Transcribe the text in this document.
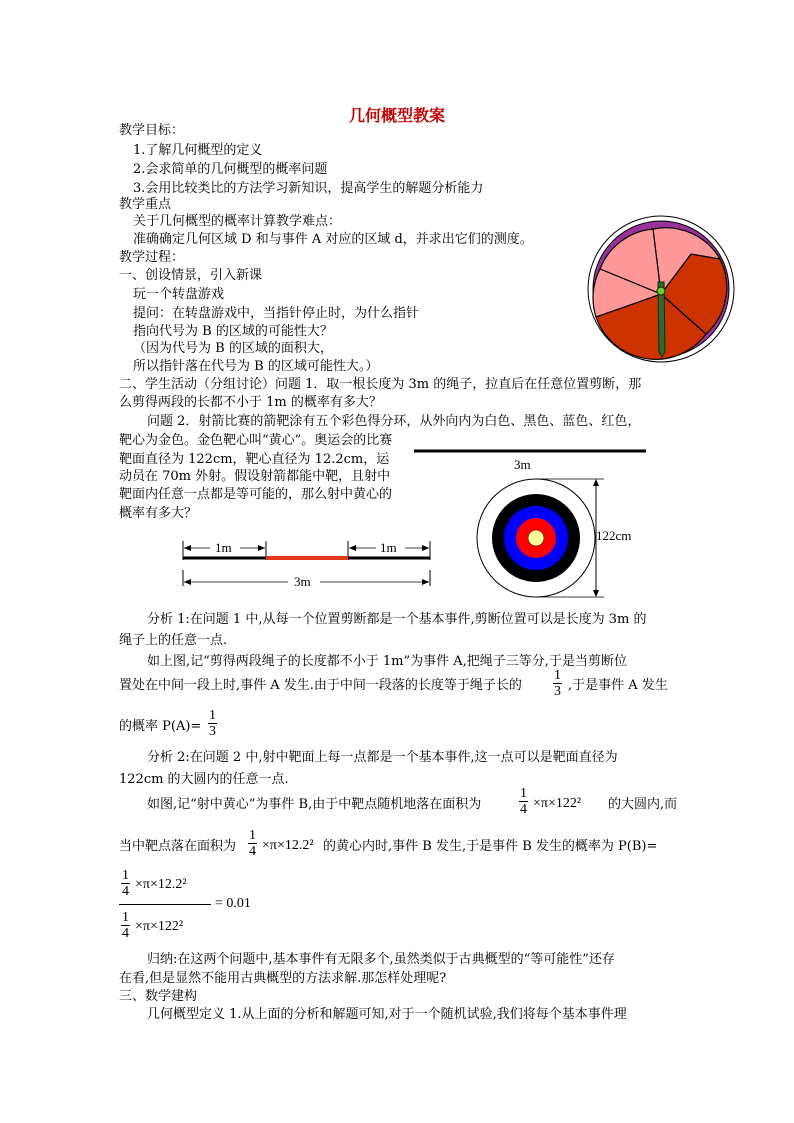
几何概型教案
教学目标：
1.了解几何概型的定义
2.会求简单的几何概型的概率问题
3.会用比较类比的方法学习新知识，提高学生的解题分析能力
教学重点
关于几何概型的概率计算教学难点：
准确确定几何区域 D 和与事件 A 对应的区域 d，并求出它们的测度。
教学过程：
一、创设情景，引入新课
玩一个转盘游戏
提问：在转盘游戏中，当指针停止时，为什么指针
指向代号为 B 的区域的可能性大？
（因为代号为 B 的区域的面积大，
所以指针落在代号为 B 的区域可能性大。）
二、学生活动（分组讨论）问题 1．取一根长度为 3m 的绳子，拉直后在任意位置剪断，那
么剪得两段的长都不小于 1m 的概率有多大？
问题 2．射箭比赛的箭靶涂有五个彩色得分环，从外向内为白色、黑色、蓝色、红色，
靶心为金色。金色靶心叫“黄心”。奥运会的比赛
靶面直径为 122cm，靶心直径为 12.2cm，运
动员在 70m 外射。假设射箭都能中靶，且射中
靶面内任意一点都是等可能的，那么射中黄心的
概率有多大？
分析 1:在问题 1 中,从每一个位置剪断都是一个基本事件,剪断位置可以是长度为 3m 的
绳子上的任意一点.
如上图,记“剪得两段绳子的长度都不小于 1m”为事件 A,把绳子三等分,于是当剪断位
置处在中间一段上时,事件 A 发生.由于中间一段落的长度等于绳子长的	,于是事件 A 发生
的概率 P(A)=
分析 2:在问题 2 中,射中靶面上每一点都是一个基本事件,这一点可以是靶面直径为
122cm 的大圆内的任意一点.
如图,记“射中黄心”为事件 B,由于中靶点随机地落在面积为	的大圆内,而
当中靶点落在面积为	的黄心内时,事件 B 发生,于是事件 B 发生的概率为 P(B)=
归纳:在这两个问题中,基本事件有无限多个,虽然类似于古典概型的“等可能性”还存
在看,但是显然不能用古典概型的方法求解.那怎样处理呢?
三、数学建构
几何概型定义 1.从上面的分析和解题可知,对于一个随机试验,我们将每个基本事件理
3m
122cm
1m	1m
3m
$\frac{1}{3}$
$\frac{1}{3}$
$\frac{1}{4} \times\pi\times 122^2$
$\frac{1}{4} \times\pi\times 12.2^2$
$\frac{1}{4} \times\pi\times 12.2^2$
$\frac{1}{4} \times\pi\times 122^2$
= 0.01
